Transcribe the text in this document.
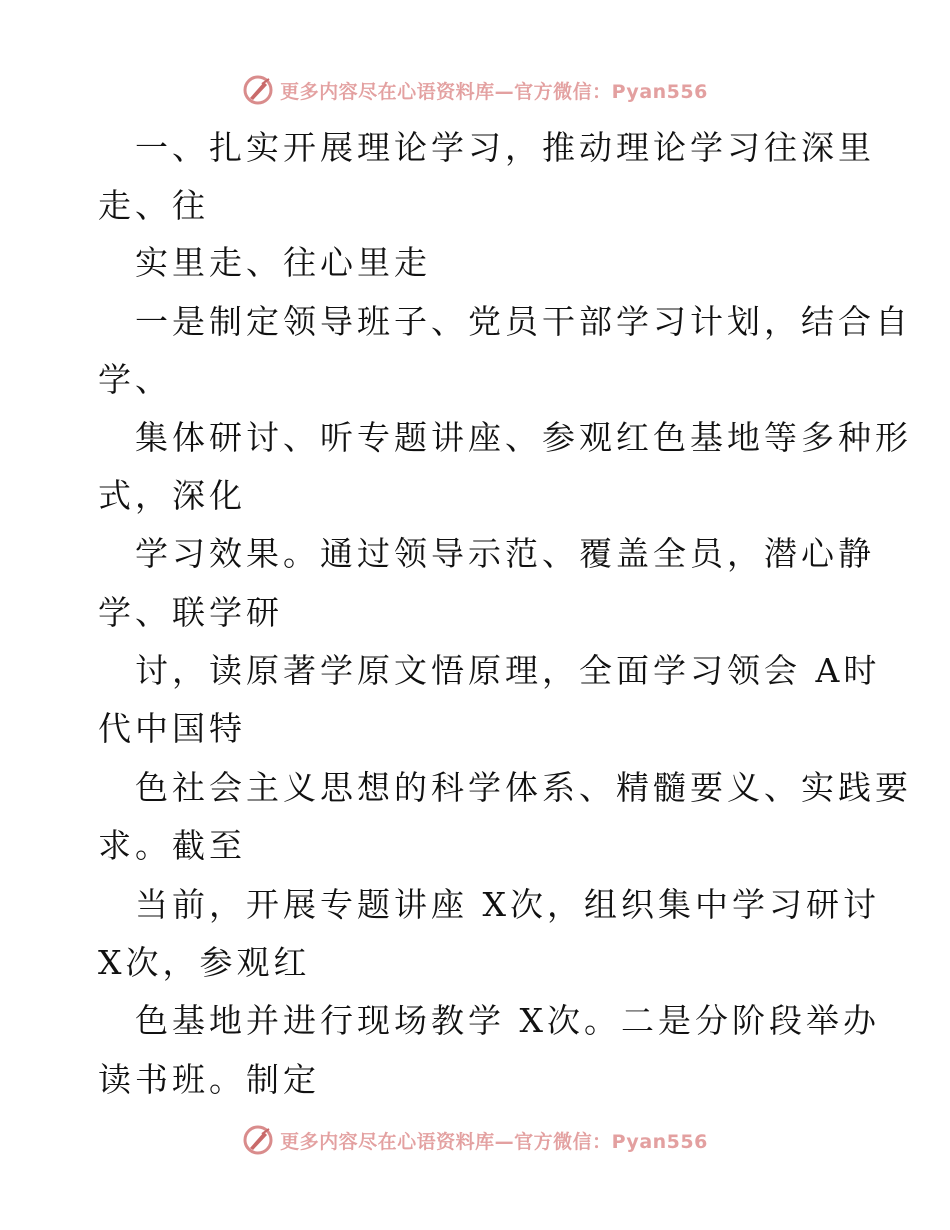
更多内容尽在心语资料库—官方微信：Pyan556
一、扎实开展理论学习，推动理论学习往深里
走、往
实里走、往心里走
一是制定领导班子、党员干部学习计划，结合自
学、
集体研讨、听专题讲座、参观红色基地等多种形
式，深化
学习效果。通过领导示范、覆盖全员，潜心静
学、联学研
讨，读原著学原文悟原理，全面学习领会 A时
代中国特
色社会主义思想的科学体系、精髓要义、实践要
求。截至
当前，开展专题讲座 X次，组织集中学习研讨
X次，参观红
色基地并进行现场教学 X次。二是分阶段举办
读书班。制定
更多内容尽在心语资料库—官方微信：Pyan556
